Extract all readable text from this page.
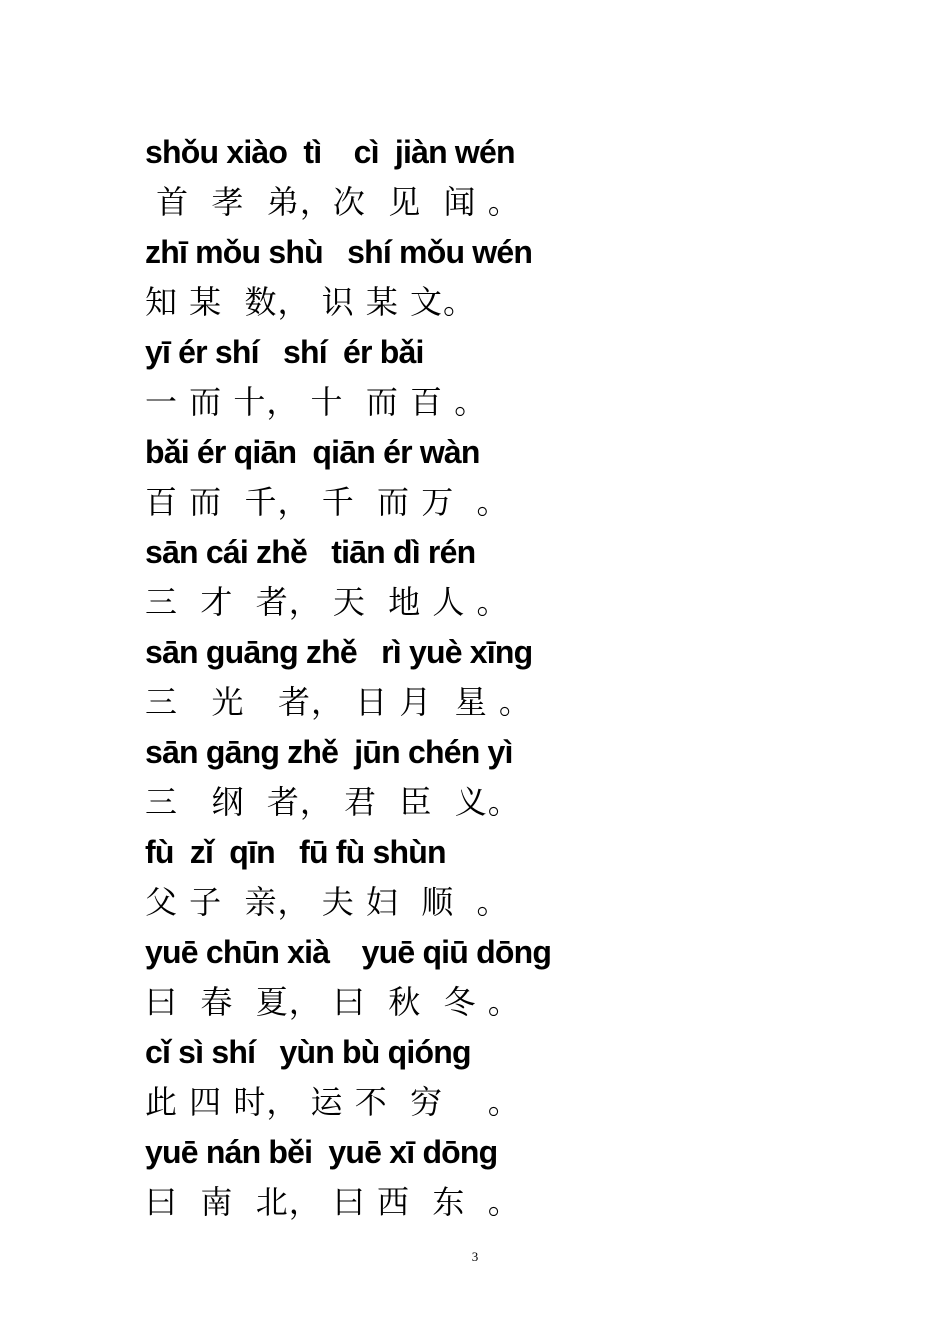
shǒu xiào  tì    cì  jiàn wén
首  孝  弟，次  见  闻 。
zhī mǒu shù   shí mǒu wén
知 某  数， 识 某 文。
yī ér shí   shí  ér bǎi
一 而 十， 十  而 百 。
bǎi ér qiān  qiān ér wàn
百 而  千， 千  而 万  。
sān cái zhě   tiān dì rén
三  才  者， 天  地 人 。
sān guāng zhě   rì yuè xīng
三   光   者， 日 月  星 。
sān gāng zhě  jūn chén yì
三   纲  者， 君  臣  义。
fù  zǐ  qīn   fū fù shùn
父 子  亲， 夫 妇  顺  。
yuē chūn xià    yuē qiū dōng
曰  春  夏， 曰  秋  冬 。
cǐ sì shí   yùn bù qióng
此 四 时， 运 不  穷    。
yuē nán běi  yuē xī dōng
曰  南  北， 曰 西  东  。
3
